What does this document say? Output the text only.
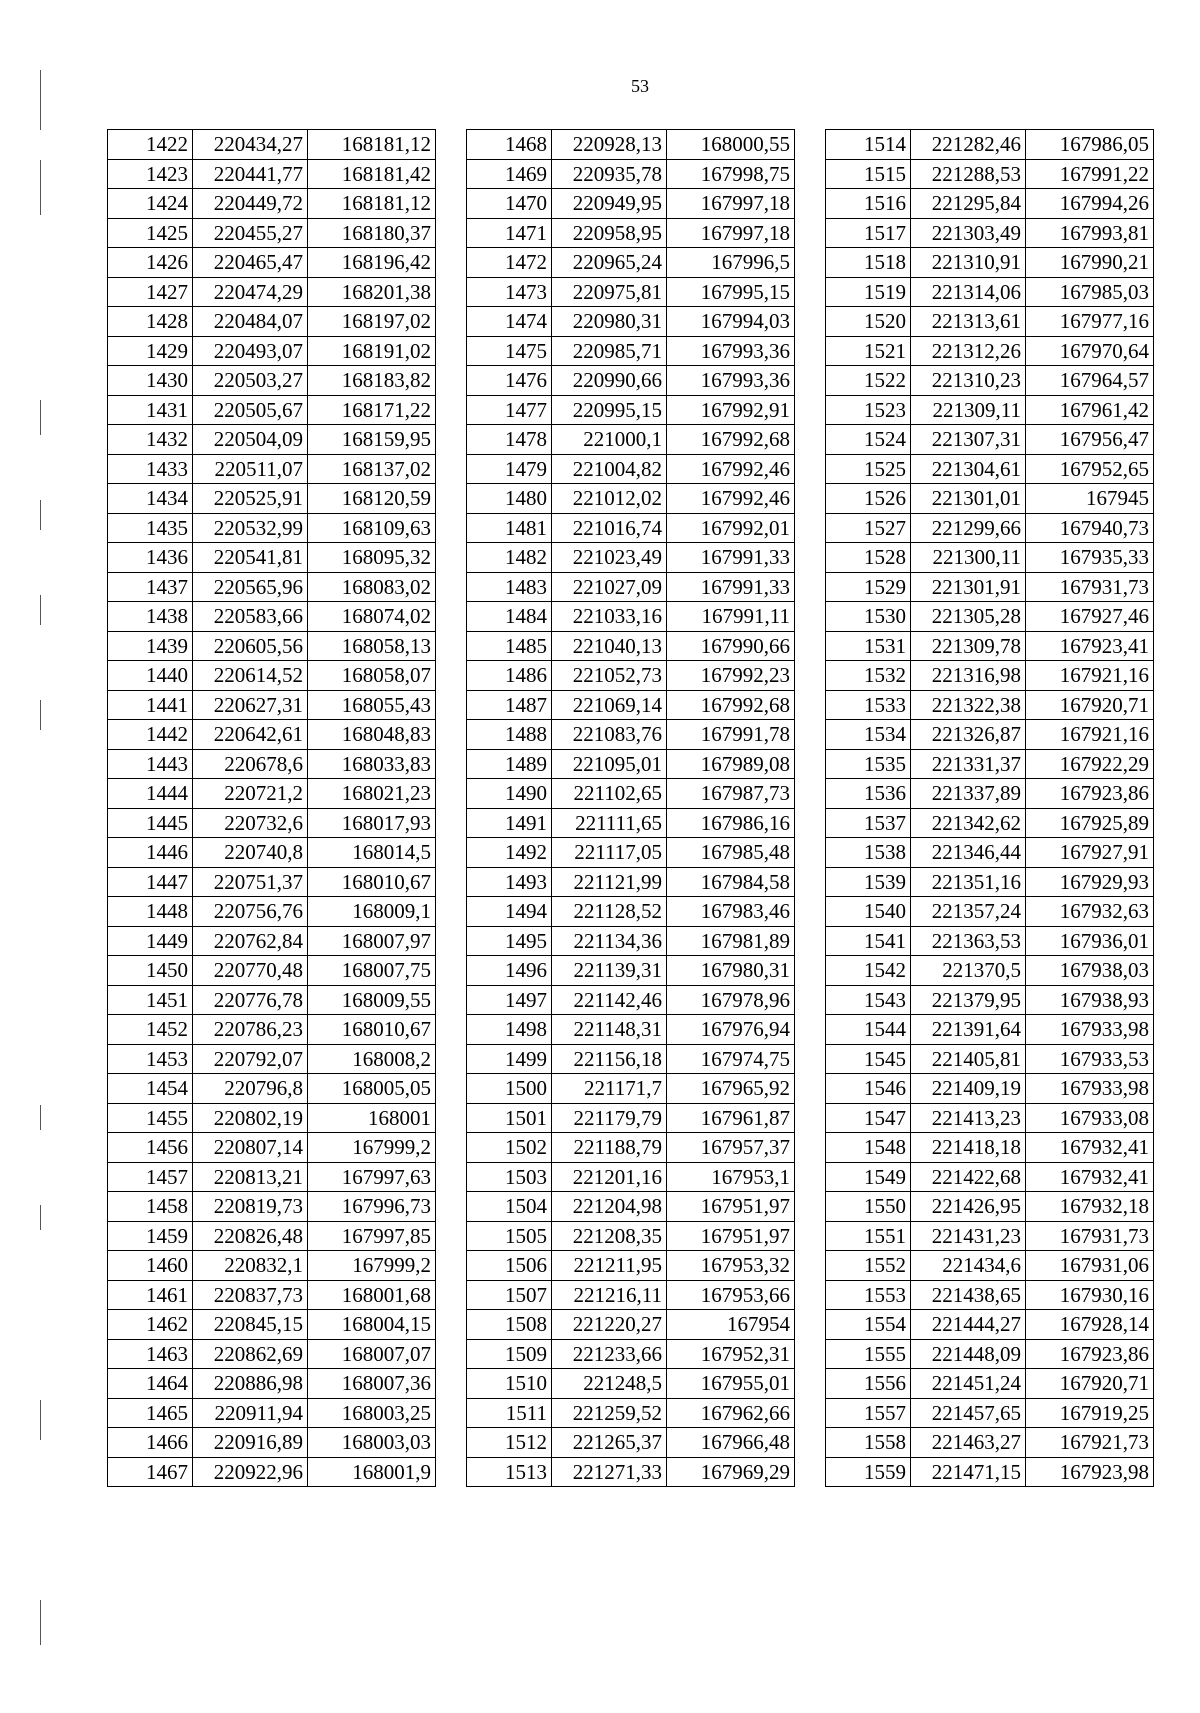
53
1422	220434,27	168181,12
1423	220441,77	168181,42
1424	220449,72	168181,12
1425	220455,27	168180,37
1426	220465,47	168196,42
1427	220474,29	168201,38
1428	220484,07	168197,02
1429	220493,07	168191,02
1430	220503,27	168183,82
1431	220505,67	168171,22
1432	220504,09	168159,95
1433	220511,07	168137,02
1434	220525,91	168120,59
1435	220532,99	168109,63
1436	220541,81	168095,32
1437	220565,96	168083,02
1438	220583,66	168074,02
1439	220605,56	168058,13
1440	220614,52	168058,07
1441	220627,31	168055,43
1442	220642,61	168048,83
1443	220678,6	168033,83
1444	220721,2	168021,23
1445	220732,6	168017,93
1446	220740,8	168014,5
1447	220751,37	168010,67
1448	220756,76	168009,1
1449	220762,84	168007,97
1450	220770,48	168007,75
1451	220776,78	168009,55
1452	220786,23	168010,67
1453	220792,07	168008,2
1454	220796,8	168005,05
1455	220802,19	168001
1456	220807,14	167999,2
1457	220813,21	167997,63
1458	220819,73	167996,73
1459	220826,48	167997,85
1460	220832,1	167999,2
1461	220837,73	168001,68
1462	220845,15	168004,15
1463	220862,69	168007,07
1464	220886,98	168007,36
1465	220911,94	168003,25
1466	220916,89	168003,03
1467	220922,96	168001,9
1468	220928,13	168000,55
1469	220935,78	167998,75
1470	220949,95	167997,18
1471	220958,95	167997,18
1472	220965,24	167996,5
1473	220975,81	167995,15
1474	220980,31	167994,03
1475	220985,71	167993,36
1476	220990,66	167993,36
1477	220995,15	167992,91
1478	221000,1	167992,68
1479	221004,82	167992,46
1480	221012,02	167992,46
1481	221016,74	167992,01
1482	221023,49	167991,33
1483	221027,09	167991,33
1484	221033,16	167991,11
1485	221040,13	167990,66
1486	221052,73	167992,23
1487	221069,14	167992,68
1488	221083,76	167991,78
1489	221095,01	167989,08
1490	221102,65	167987,73
1491	221111,65	167986,16
1492	221117,05	167985,48
1493	221121,99	167984,58
1494	221128,52	167983,46
1495	221134,36	167981,89
1496	221139,31	167980,31
1497	221142,46	167978,96
1498	221148,31	167976,94
1499	221156,18	167974,75
1500	221171,7	167965,92
1501	221179,79	167961,87
1502	221188,79	167957,37
1503	221201,16	167953,1
1504	221204,98	167951,97
1505	221208,35	167951,97
1506	221211,95	167953,32
1507	221216,11	167953,66
1508	221220,27	167954
1509	221233,66	167952,31
1510	221248,5	167955,01
1511	221259,52	167962,66
1512	221265,37	167966,48
1513	221271,33	167969,29
1514	221282,46	167986,05
1515	221288,53	167991,22
1516	221295,84	167994,26
1517	221303,49	167993,81
1518	221310,91	167990,21
1519	221314,06	167985,03
1520	221313,61	167977,16
1521	221312,26	167970,64
1522	221310,23	167964,57
1523	221309,11	167961,42
1524	221307,31	167956,47
1525	221304,61	167952,65
1526	221301,01	167945
1527	221299,66	167940,73
1528	221300,11	167935,33
1529	221301,91	167931,73
1530	221305,28	167927,46
1531	221309,78	167923,41
1532	221316,98	167921,16
1533	221322,38	167920,71
1534	221326,87	167921,16
1535	221331,37	167922,29
1536	221337,89	167923,86
1537	221342,62	167925,89
1538	221346,44	167927,91
1539	221351,16	167929,93
1540	221357,24	167932,63
1541	221363,53	167936,01
1542	221370,5	167938,03
1543	221379,95	167938,93
1544	221391,64	167933,98
1545	221405,81	167933,53
1546	221409,19	167933,98
1547	221413,23	167933,08
1548	221418,18	167932,41
1549	221422,68	167932,41
1550	221426,95	167932,18
1551	221431,23	167931,73
1552	221434,6	167931,06
1553	221438,65	167930,16
1554	221444,27	167928,14
1555	221448,09	167923,86
1556	221451,24	167920,71
1557	221457,65	167919,25
1558	221463,27	167921,73
1559	221471,15	167923,98
